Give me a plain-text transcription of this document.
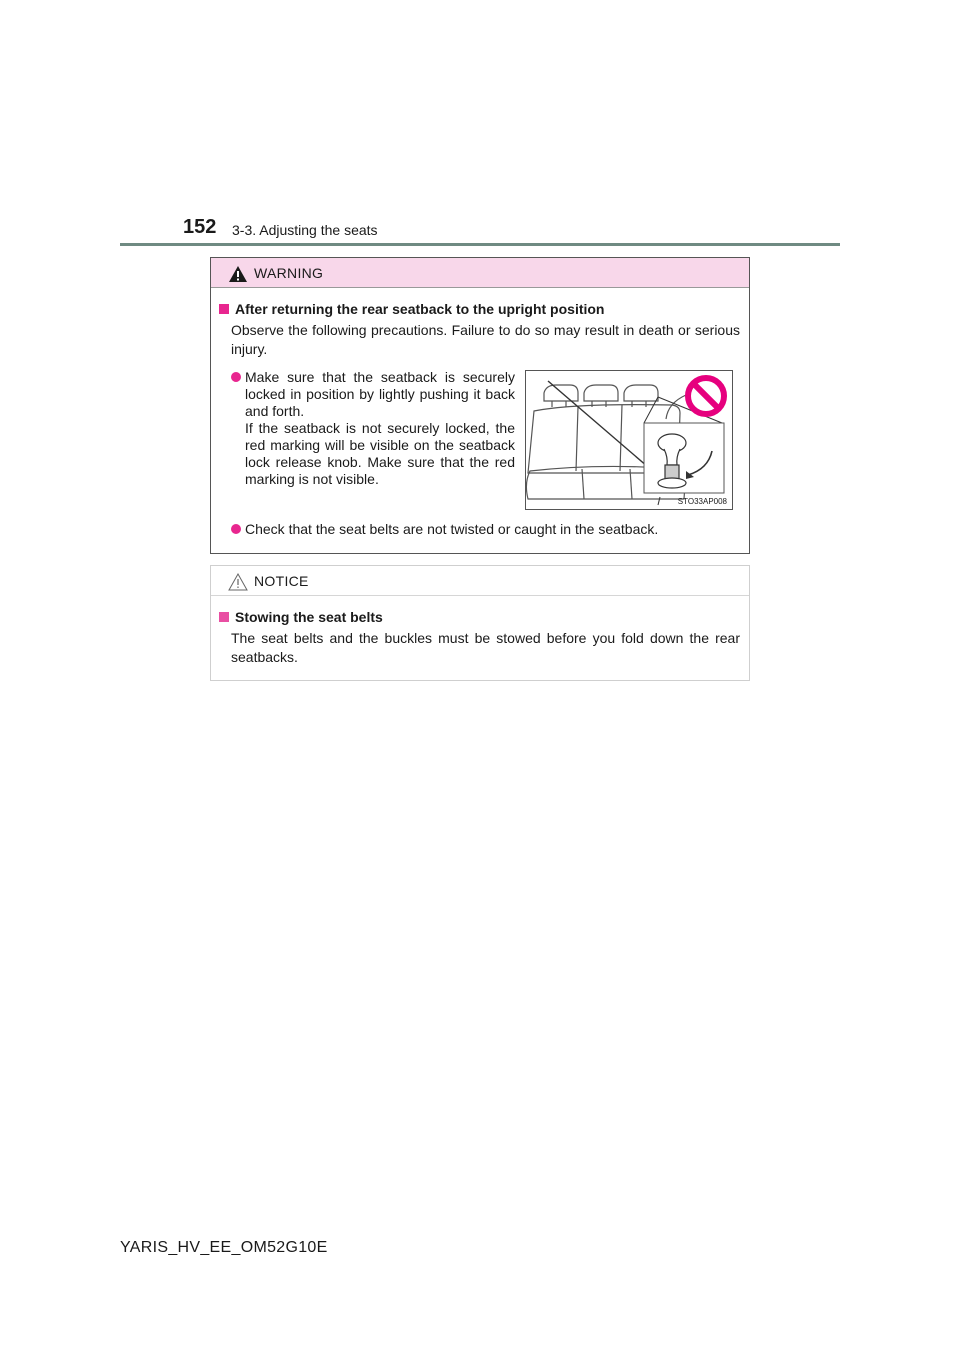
152 3-3. Adjusting the seats
WARNING
After returning the rear seatback to the upright position
Observe the following precautions. Failure to do so may result in death or serious injury.
Make sure that the seatback is securely locked in position by lightly pushing it back and forth.
If the seatback is not securely locked, the red marking will be visible on the seatback lock release knob. Make sure that the red marking is not visible.
STO33AP008
Check that the seat belts are not twisted or caught in the seatback.
NOTICE
Stowing the seat belts
The seat belts and the buckles must be stowed before you fold down the rear seatbacks.
YARIS_HV_EE_OM52G10E
